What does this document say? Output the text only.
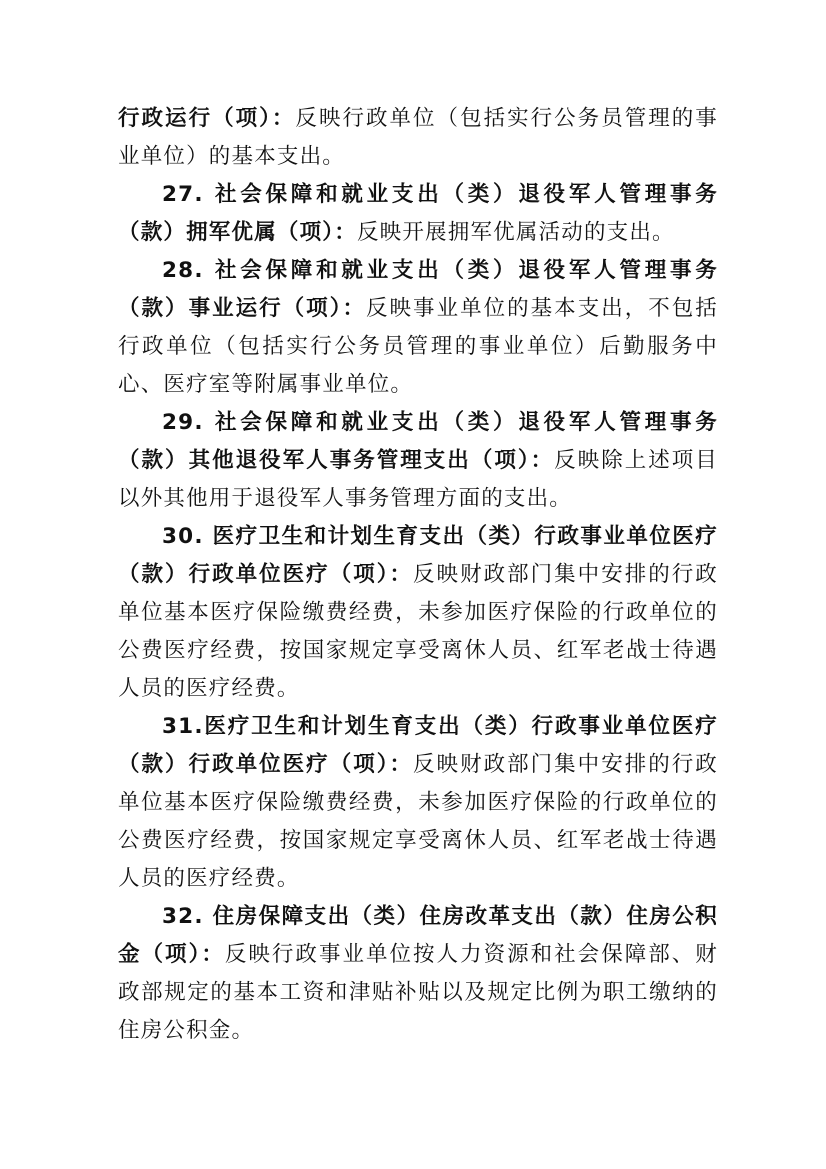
行政运行（项）：反映行政单位（包括实行公务员管理的事业单位）的基本支出。

27. 社会保障和就业支出（类）退役军人管理事务（款）拥军优属（项）：反映开展拥军优属活动的支出。

28. 社会保障和就业支出（类）退役军人管理事务（款）事业运行（项）：反映事业单位的基本支出，不包括行政单位（包括实行公务员管理的事业单位）后勤服务中心、医疗室等附属事业单位。

29. 社会保障和就业支出（类）退役军人管理事务（款）其他退役军人事务管理支出（项）：反映除上述项目以外其他用于退役军人事务管理方面的支出。

30. 医疗卫生和计划生育支出（类）行政事业单位医疗（款）行政单位医疗（项）：反映财政部门集中安排的行政单位基本医疗保险缴费经费，未参加医疗保险的行政单位的公费医疗经费，按国家规定享受离休人员、红军老战士待遇人员的医疗经费。

31.医疗卫生和计划生育支出（类）行政事业单位医疗（款）行政单位医疗（项）：反映财政部门集中安排的行政单位基本医疗保险缴费经费，未参加医疗保险的行政单位的公费医疗经费，按国家规定享受离休人员、红军老战士待遇人员的医疗经费。

32. 住房保障支出（类）住房改革支出（款）住房公积金（项）：反映行政事业单位按人力资源和社会保障部、财政部规定的基本工资和津贴补贴以及规定比例为职工缴纳的住房公积金。
